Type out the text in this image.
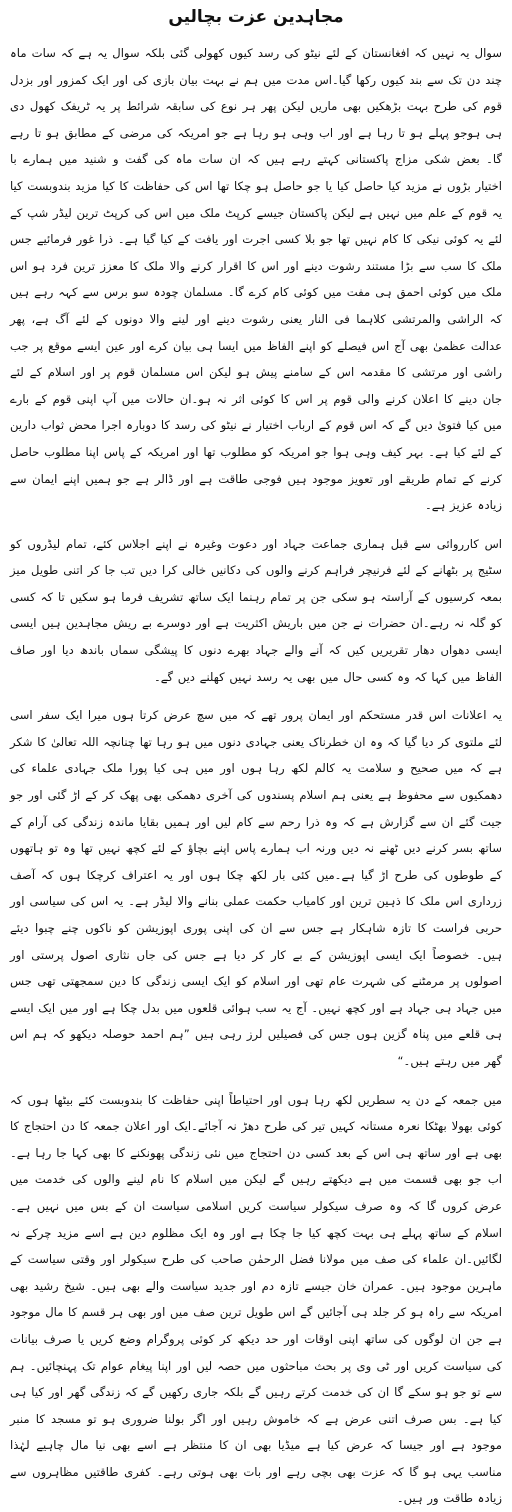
مجاہدین عزت بچالیں

سوال یہ نہیں کہ افغانستان کے لئے نیٹو کی رسد کیوں کھولی گئی بلکہ سوال یہ ہے کہ سات ماہ چند دن تک سے بند کیوں رکھا گیا۔اس مدت میں ہم نے بہت بیان بازی کی اور ایک کمزور اور بزدل قوم کی طرح بہت بڑھکیں بھی ماریں لیکن پھر ہر نوع کی سابقہ شرائط پر یہ ٹریفک کھول دی ہی ہوجو پہلے ہو تا رہا ہے اور اب وہی ہو رہا ہے جو امریکہ کی مرضی کے مطابق ہو تا رہے گا۔ بعض شکی مزاج پاکستانی کہتے رہے ہیں کہ ان سات ماہ کی گفت و شنید میں ہمارے با اختیار بڑوں نے مزید کیا حاصل کیا یا جو حاصل ہو چکا تھا اس کی حفاظت کا کیا مزید بندوبست کیا یہ قوم کے علم میں نہیں ہے لیکن پاکستان جیسے کرپٹ ملک میں اس کی کرپٹ ترین لیڈر شپ کے لئے یہ کوئی نیکی کا کام نہیں تھا جو بلا کسی اجرت اور یافت کے کیا گیا ہے۔ ذرا غور فرمائیے جس ملک کا سب سے بڑا مستند رشوت دینے اور اس کا اقرار کرنے والا ملک کا معزز ترین فرد ہو اس ملک میں کوئی احمق ہی مفت میں کوئی کام کرے گا۔ مسلمان چودہ سو برس سے کہہ رہے ہیں کہ الراشی والمرتشی کلاہما فی النار یعنی رشوت دینے اور لینے والا دونوں کے لئے آگ ہے، پھر عدالت عظمیٰ بھی آج اس فیصلے کو اپنے الفاظ میں ایسا ہی بیان کرے اور عین ایسے موقع پر جب راشی اور مرتشی کا مقدمہ اس کے سامنے پیش ہو لیکن اس مسلمان قوم پر اور اسلام کے لئے جان دینے کا اعلان کرنے والی قوم پر اس کا کوئی اثر نہ ہو۔ان حالات میں آپ اپنی قوم کے بارے میں کیا فتویٰ دیں گے کہ اس قوم کے ارباب اختیار نے نیٹو کی رسد کا دوبارہ اجرا محض ثواب دارین کے لئے کیا ہے۔ بہر کیف وہی ہوا جو امریکہ کو مطلوب تھا اور امریکہ کے پاس اپنا مطلوب حاصل کرنے کے تمام طریقے اور تعویز موجود ہیں فوجی طاقت ہے اور ڈالر ہے جو ہمیں اپنے ایمان سے زیادہ عزیز ہے۔

اس کارروائی سے قبل ہماری جماعت جہاد اور دعوت وغیرہ نے اپنے اجلاس کئے، تمام لیڈروں کو سٹیج پر بٹھانے کے لئے فرنیچر فراہم کرنے والوں کی دکانیں خالی کرا دیں تب جا کر اتنی طویل میز بمعہ کرسیوں کے آراستہ ہو سکی جن پر تمام رہنما ایک ساتھ تشریف فرما ہو سکیں تا کہ کسی کو گلہ نہ رہے۔ان حضرات نے جن میں باریش اکثریت ہے اور دوسرے بے ریش مجاہدین ہیں ایسی ایسی دھواں دھار تقریریں کیں کہ آنے والے جہاد بھرے دنوں کا پیشگی سماں باندھ دیا اور صاف الفاظ میں کہا کہ وہ کسی حال میں بھی یہ رسد نہیں کھلنے دیں گے۔

یہ اعلانات اس قدر مستحکم اور ایمان پرور تھے کہ میں سچ عرض کرتا ہوں میرا ایک سفر اسی لئے ملتوی کر دیا گیا کہ وہ ان خطرناک یعنی جہادی دنوں میں ہو رہا تھا چنانچہ اللہ تعالیٰ کا شکر ہے کہ میں صحیح و سلامت یہ کالم لکھ رہا ہوں اور میں ہی کیا پورا ملک جہادی علماء کی دھمکیوں سے محفوظ ہے یعنی ہم اسلام پسندوں کی آخری دھمکی بھی پھک کر کے اڑ گئی اور جو جیت گئے ان سے گزارش ہے کہ وہ ذرا رحم سے کام لیں اور ہمیں بقایا ماندہ زندگی کی آرام کے ساتھ بسر کرنے دیں ٹھنے نہ دیں ورنہ اب ہمارے پاس اپنے بچاؤ کے لئے کچھ نہیں تھا وہ تو ہاتھوں کے طوطوں کی طرح اڑ گیا ہے۔میں کئی بار لکھ چکا ہوں اور یہ اعتراف کرچکا ہوں کہ آصف زرداری اس ملک کا ذہین ترین اور کامیاب حکمت عملی بنانے والا لیڈر ہے۔ یہ اس کی سیاسی اور حربی فراست کا تازہ شاہکار ہے جس سے ان کی اپنی پوری اپوزیشن کو ناکوں چنے چبوا دیئے ہیں۔ خصوصاً ایک ایسی اپوزیشن کے بے کار کر دیا ہے جس کی جاں نثاری اصول پرستی اور اصولوں پر مرمٹنے کی شہرت عام تھی اور اسلام کو ایک ایسی زندگی کا دین سمجھتی تھی جس میں جہاد ہی جہاد ہے اور کچھ نہیں۔ آج یہ سب ہوائی قلعوں میں بدل چکا ہے اور میں ایک ایسے ہی قلعے میں پناہ گزین ہوں جس کی فصیلیں لرز رہی ہیں ”ہم احمد حوصلہ دیکھو کہ ہم اس گھر میں رہتے ہیں۔“

میں جمعہ کے دن یہ سطریں لکھ رہا ہوں اور احتیاطاً اپنی حفاظت کا بندوبست کئے بیٹھا ہوں کہ کوئی بھولا بھٹکا نعرہ مستانہ کہیں تیر کی طرح دھڑ نہ آجائے۔ایک اور اعلان جمعہ کا دن احتجاج کا بھی ہے اور ساتھ ہی اس کے بعد کسی دن احتجاج میں نئی زندگی پھونکنے کا بھی کہا جا رہا ہے۔اب جو بھی قسمت میں ہے دیکھتے رہیں گے لیکن میں اسلام کا نام لینے والوں کی خدمت میں عرض کروں گا کہ وہ صرف سیکولر سیاست کریں اسلامی سیاست ان کے بس میں نہیں ہے۔ اسلام کے ساتھ پہلے ہی بہت کچھ کیا جا چکا ہے اور وہ ایک مظلوم دین ہے اسے مزید چرکے نہ لگائیں۔ان علماء کی صف میں مولانا فضل الرحمٰن صاحب کی طرح سیکولر اور وقتی سیاست کے ماہرین موجود ہیں۔ عمران خان جیسے تازہ دم اور جدید سیاست والے بھی ہیں۔ شیخ رشید بھی امریکہ سے راہ ہو کر جلد ہی آجائیں گے اس طویل ترین صف میں اور بھی ہر قسم کا مال موجود ہے جن ان لوگوں کی ساتھ اپنی اوقات اور حد دیکھ کر کوئی پروگرام وضع کریں یا صرف بیانات کی سیاست کریں اور ٹی وی پر بحث مباحثوں میں حصہ لیں اور اپنا پیغام عوام تک پہنچائیں۔ ہم سے تو جو ہو سکے گا ان کی خدمت کرتے رہیں گے بلکہ جاری رکھیں گے کہ زندگی گھر اور کیا ہی کیا ہے۔ بس صرف اتنی عرض ہے کہ خاموش رہیں اور اگر بولنا ضروری ہو تو مسجد کا منبر موجود ہے اور جیسا کہ عرض کیا ہے میڈیا بھی ان کا منتظر ہے اسے بھی نیا مال چاہیے لہٰذا مناسب یہی ہو گا کہ عزت بھی بچی رہے اور بات بھی ہوتی رہے۔ کفری طاقتیں مظاہروں سے زیادہ طاقت ور ہیں۔
